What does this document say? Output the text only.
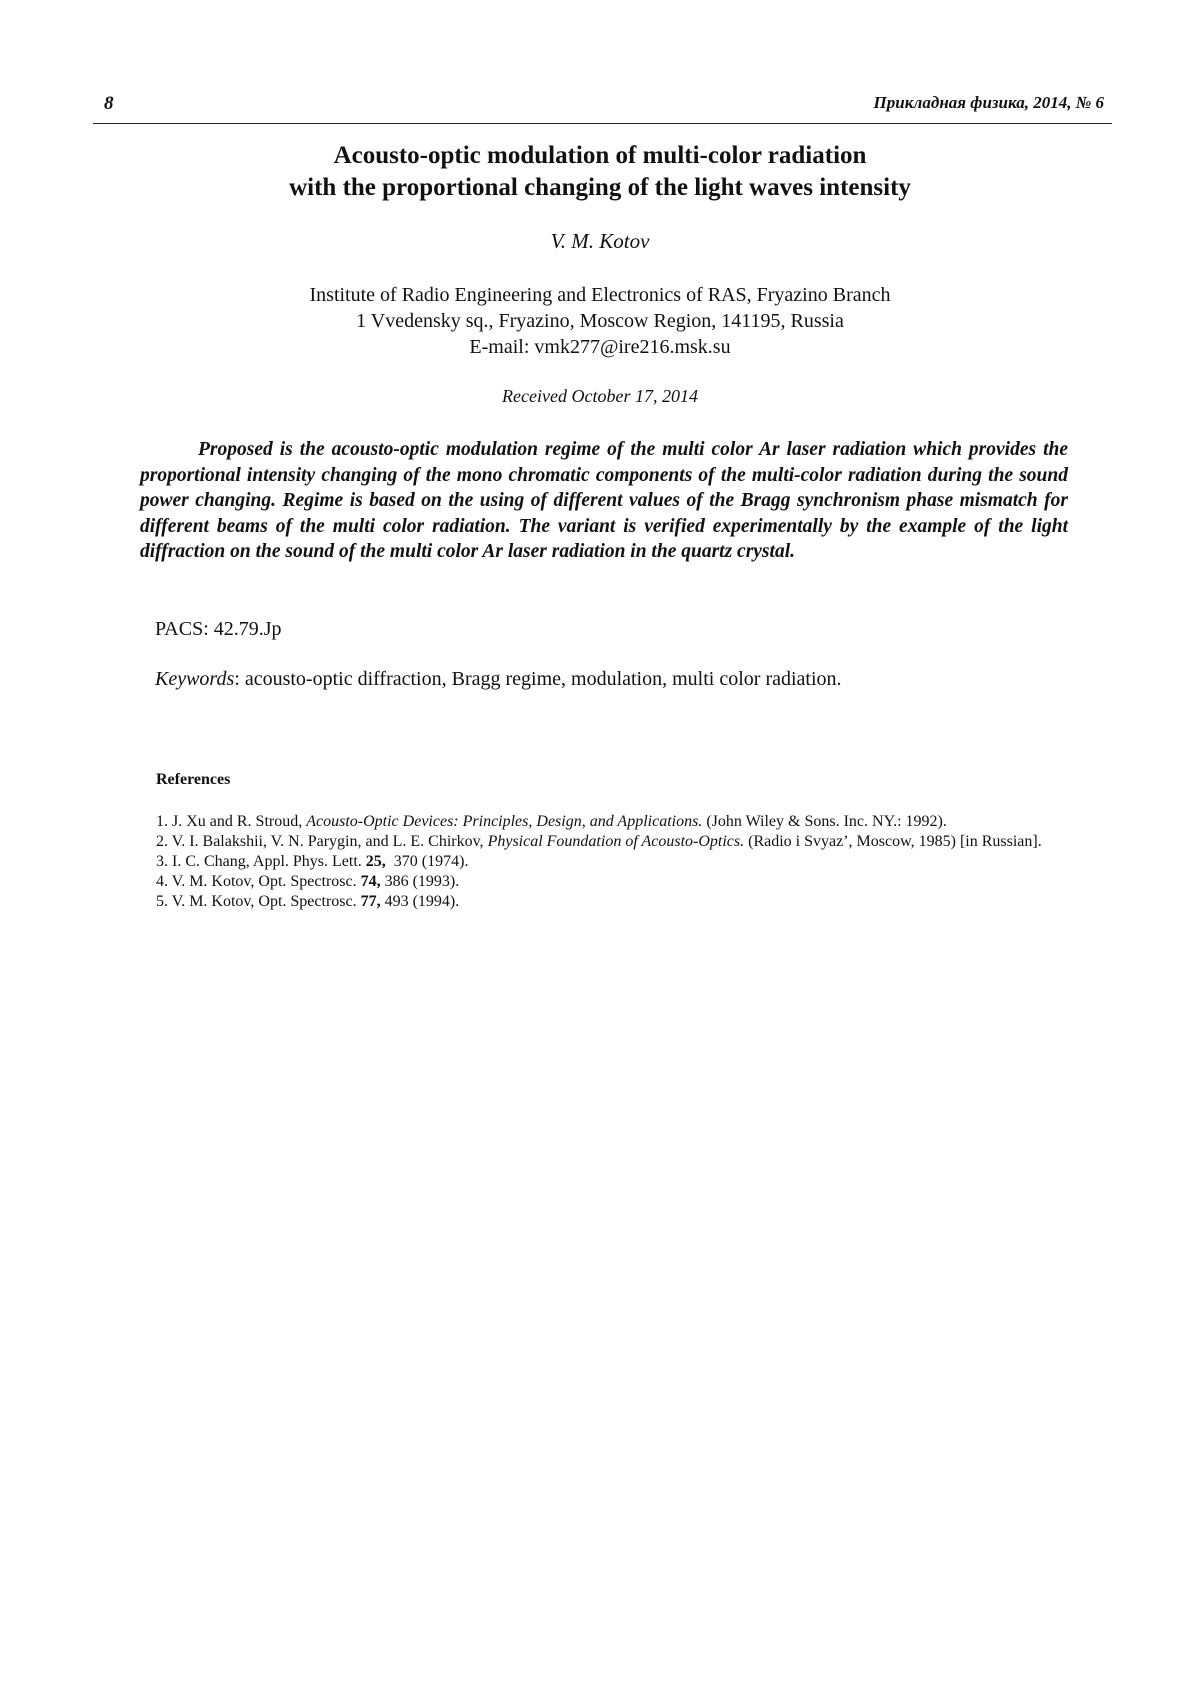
8	Прикладная физика, 2014, № 6
Acousto-optic modulation of multi-color radiation
with the proportional changing of the light waves intensity
V. M. Kotov
Institute of Radio Engineering and Electronics of RAS, Fryazino Branch
1 Vvedensky sq., Fryazino, Moscow Region, 141195, Russia
E-mail: vmk277@ire216.msk.su
Received October 17, 2014

Proposed is the acousto-optic modulation regime of the multi color Ar laser radiation which provides the proportional intensity changing of the mono chromatic components of the multi-color radiation during the sound power changing. Regime is based on the using of different values of the Bragg synchronism phase mismatch for different beams of the multi color radiation. The variant is verified experimentally by the example of the light diffraction on the sound of the multi color Ar laser radiation in the quartz crystal.

PACS: 42.79.Jp
Keywords: acousto-optic diffraction, Bragg regime, modulation, multi color radiation.
References
1. J. Xu and R. Stroud, Acousto-Optic Devices: Principles, Design, and Applications. (John Wiley & Sons. Inc. NY.: 1992).
2. V. I. Balakshii, V. N. Parygin, and L. E. Chirkov, Physical Foundation of Acousto-Optics. (Radio i Svyaz’, Moscow, 1985) [in Russian].
3. I. C. Chang, Appl. Phys. Lett. 25,  370 (1974).
4. V. M. Kotov, Opt. Spectrosc. 74, 386 (1993).
5. V. M. Kotov, Opt. Spectrosc. 77, 493 (1994).
